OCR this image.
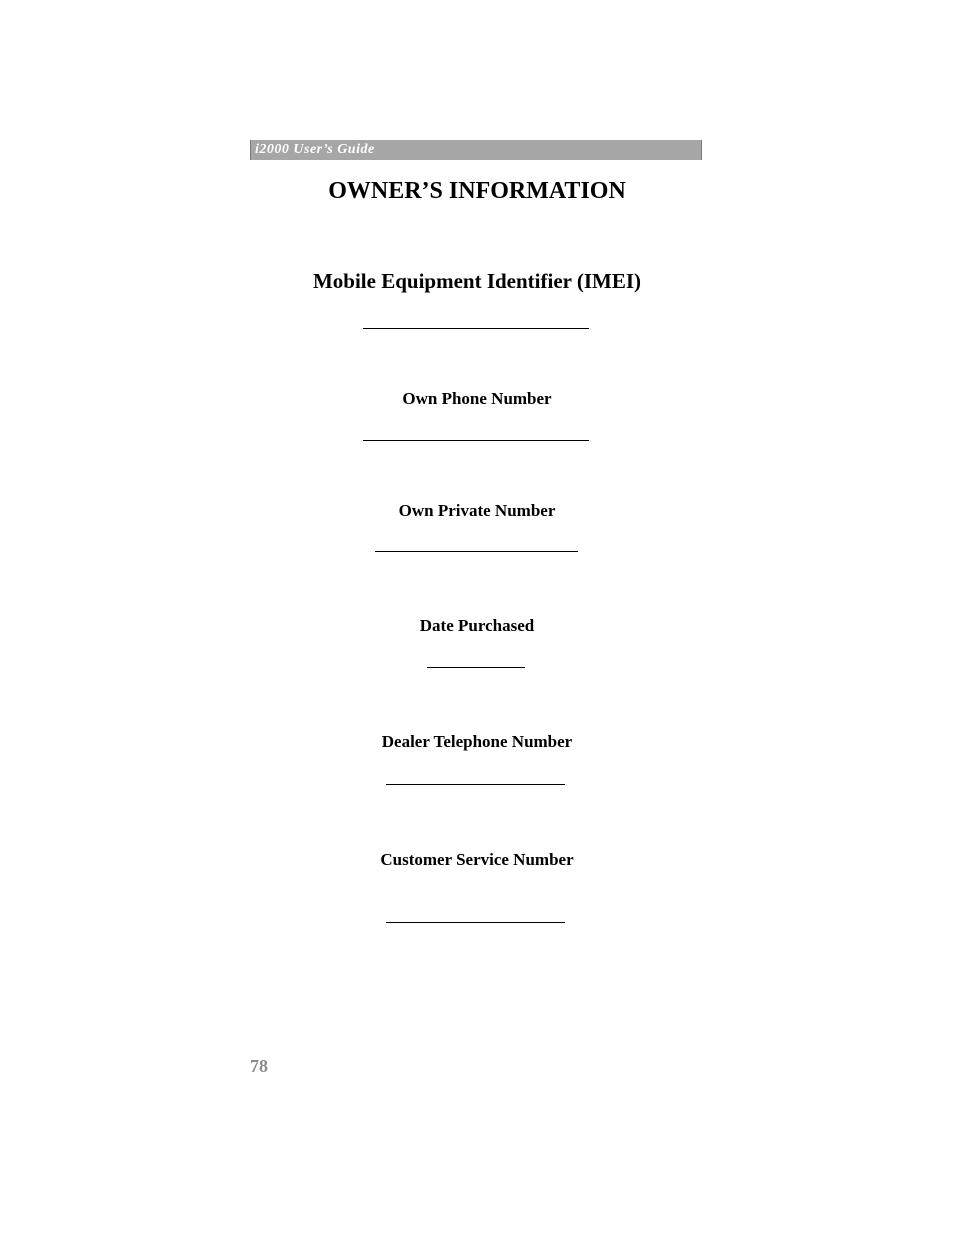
i2000 User’s Guide
OWNER’S INFORMATION
Mobile Equipment Identifier (IMEI)
Own Phone Number
Own Private Number
Date Purchased
Dealer Telephone Number
Customer Service Number
78
